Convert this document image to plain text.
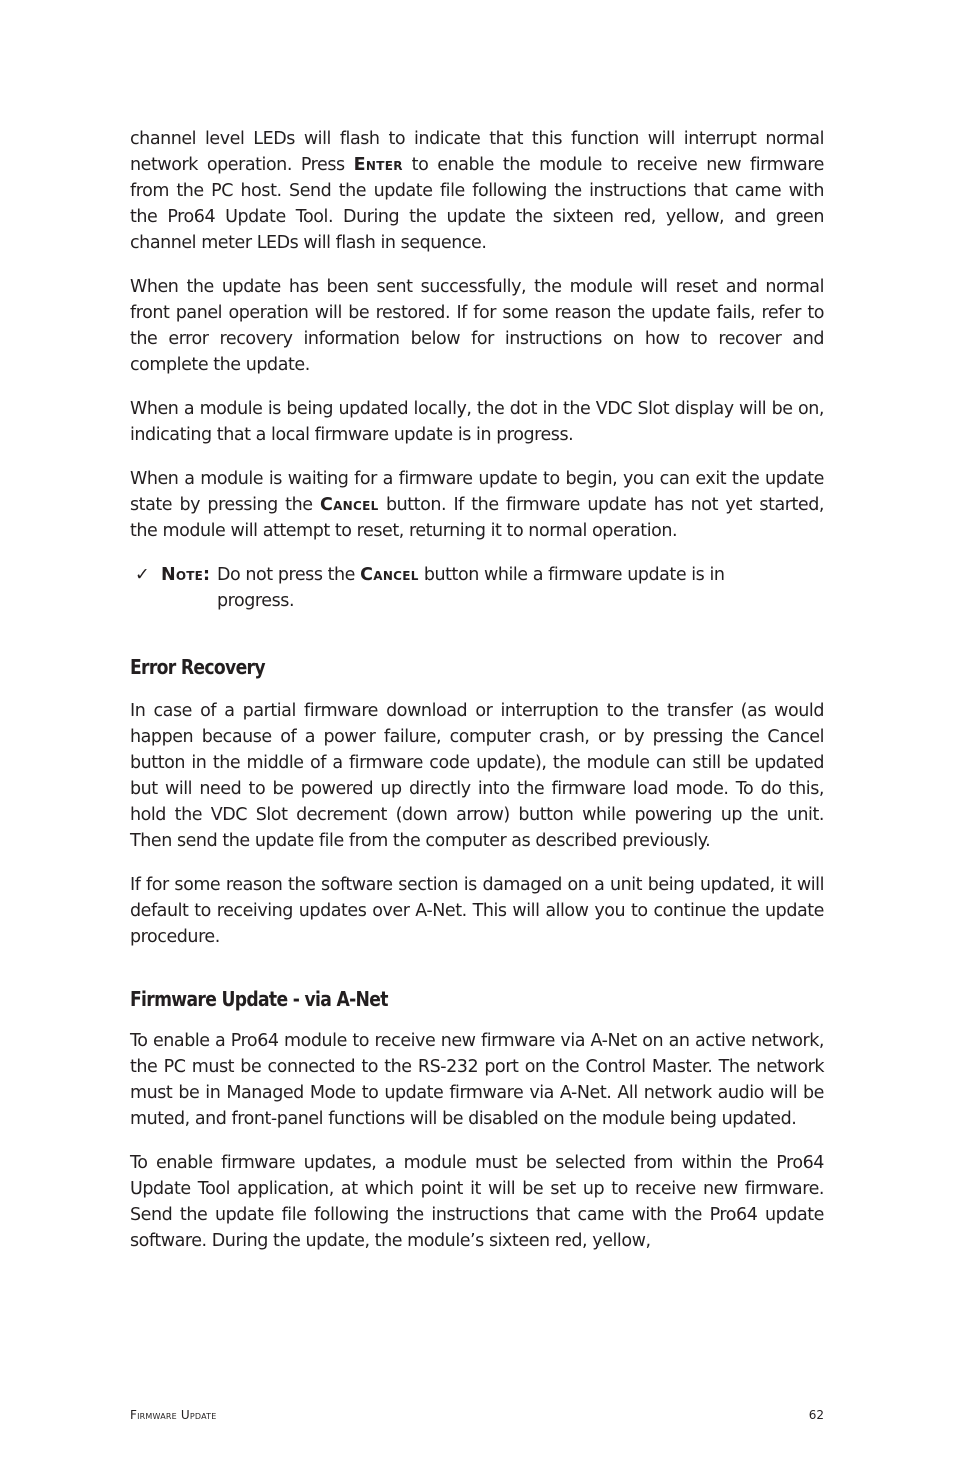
channel level LEDs will flash to indicate that this function will interrupt normal network operation. Press Enter to enable the module to receive new firmware from the PC host. Send the update file following the instructions that came with the Pro64 Update Tool. During the update the sixteen red, yellow, and green channel meter LEDs will flash in sequence.

When the update has been sent successfully, the module will reset and normal front panel operation will be restored. If for some reason the update fails, refer to the error recovery information below for instructions on how to recover and complete the update.

When a module is being updated locally, the dot in the VDC Slot display will be on, indicating that a local firmware update is in progress.

When a module is waiting for a firmware update to begin, you can exit the update state by pressing the Cancel button. If the firmware update has not yet started, the module will attempt to reset, returning it to normal operation.

✓ Note: Do not press the Cancel button while a firmware update is in progress.
Error Recovery

In case of a partial firmware download or interruption to the transfer (as would happen because of a power failure, computer crash, or by pressing the Cancel button in the middle of a firmware code update), the module can still be updated but will need to be powered up directly into the firmware load mode. To do this, hold the VDC Slot decrement (down arrow) button while powering up the unit. Then send the update file from the computer as described previously.

If for some reason the software section is damaged on a unit being updated, it will default to receiving updates over A-Net. This will allow you to continue the update procedure.

Firmware Update - via A-Net

To enable a Pro64 module to receive new firmware via A-Net on an active network, the PC must be connected to the RS-232 port on the Control Master. The network must be in Managed Mode to update firmware via A-Net. All network audio will be muted, and front-panel functions will be disabled on the module being updated.

To enable firmware updates, a module must be selected from within the Pro64 Update Tool application, at which point it will be set up to receive new firmware. Send the update file following the instructions that came with the Pro64 update software. During the update, the module’s sixteen red, yellow,

Firmware Update	62
